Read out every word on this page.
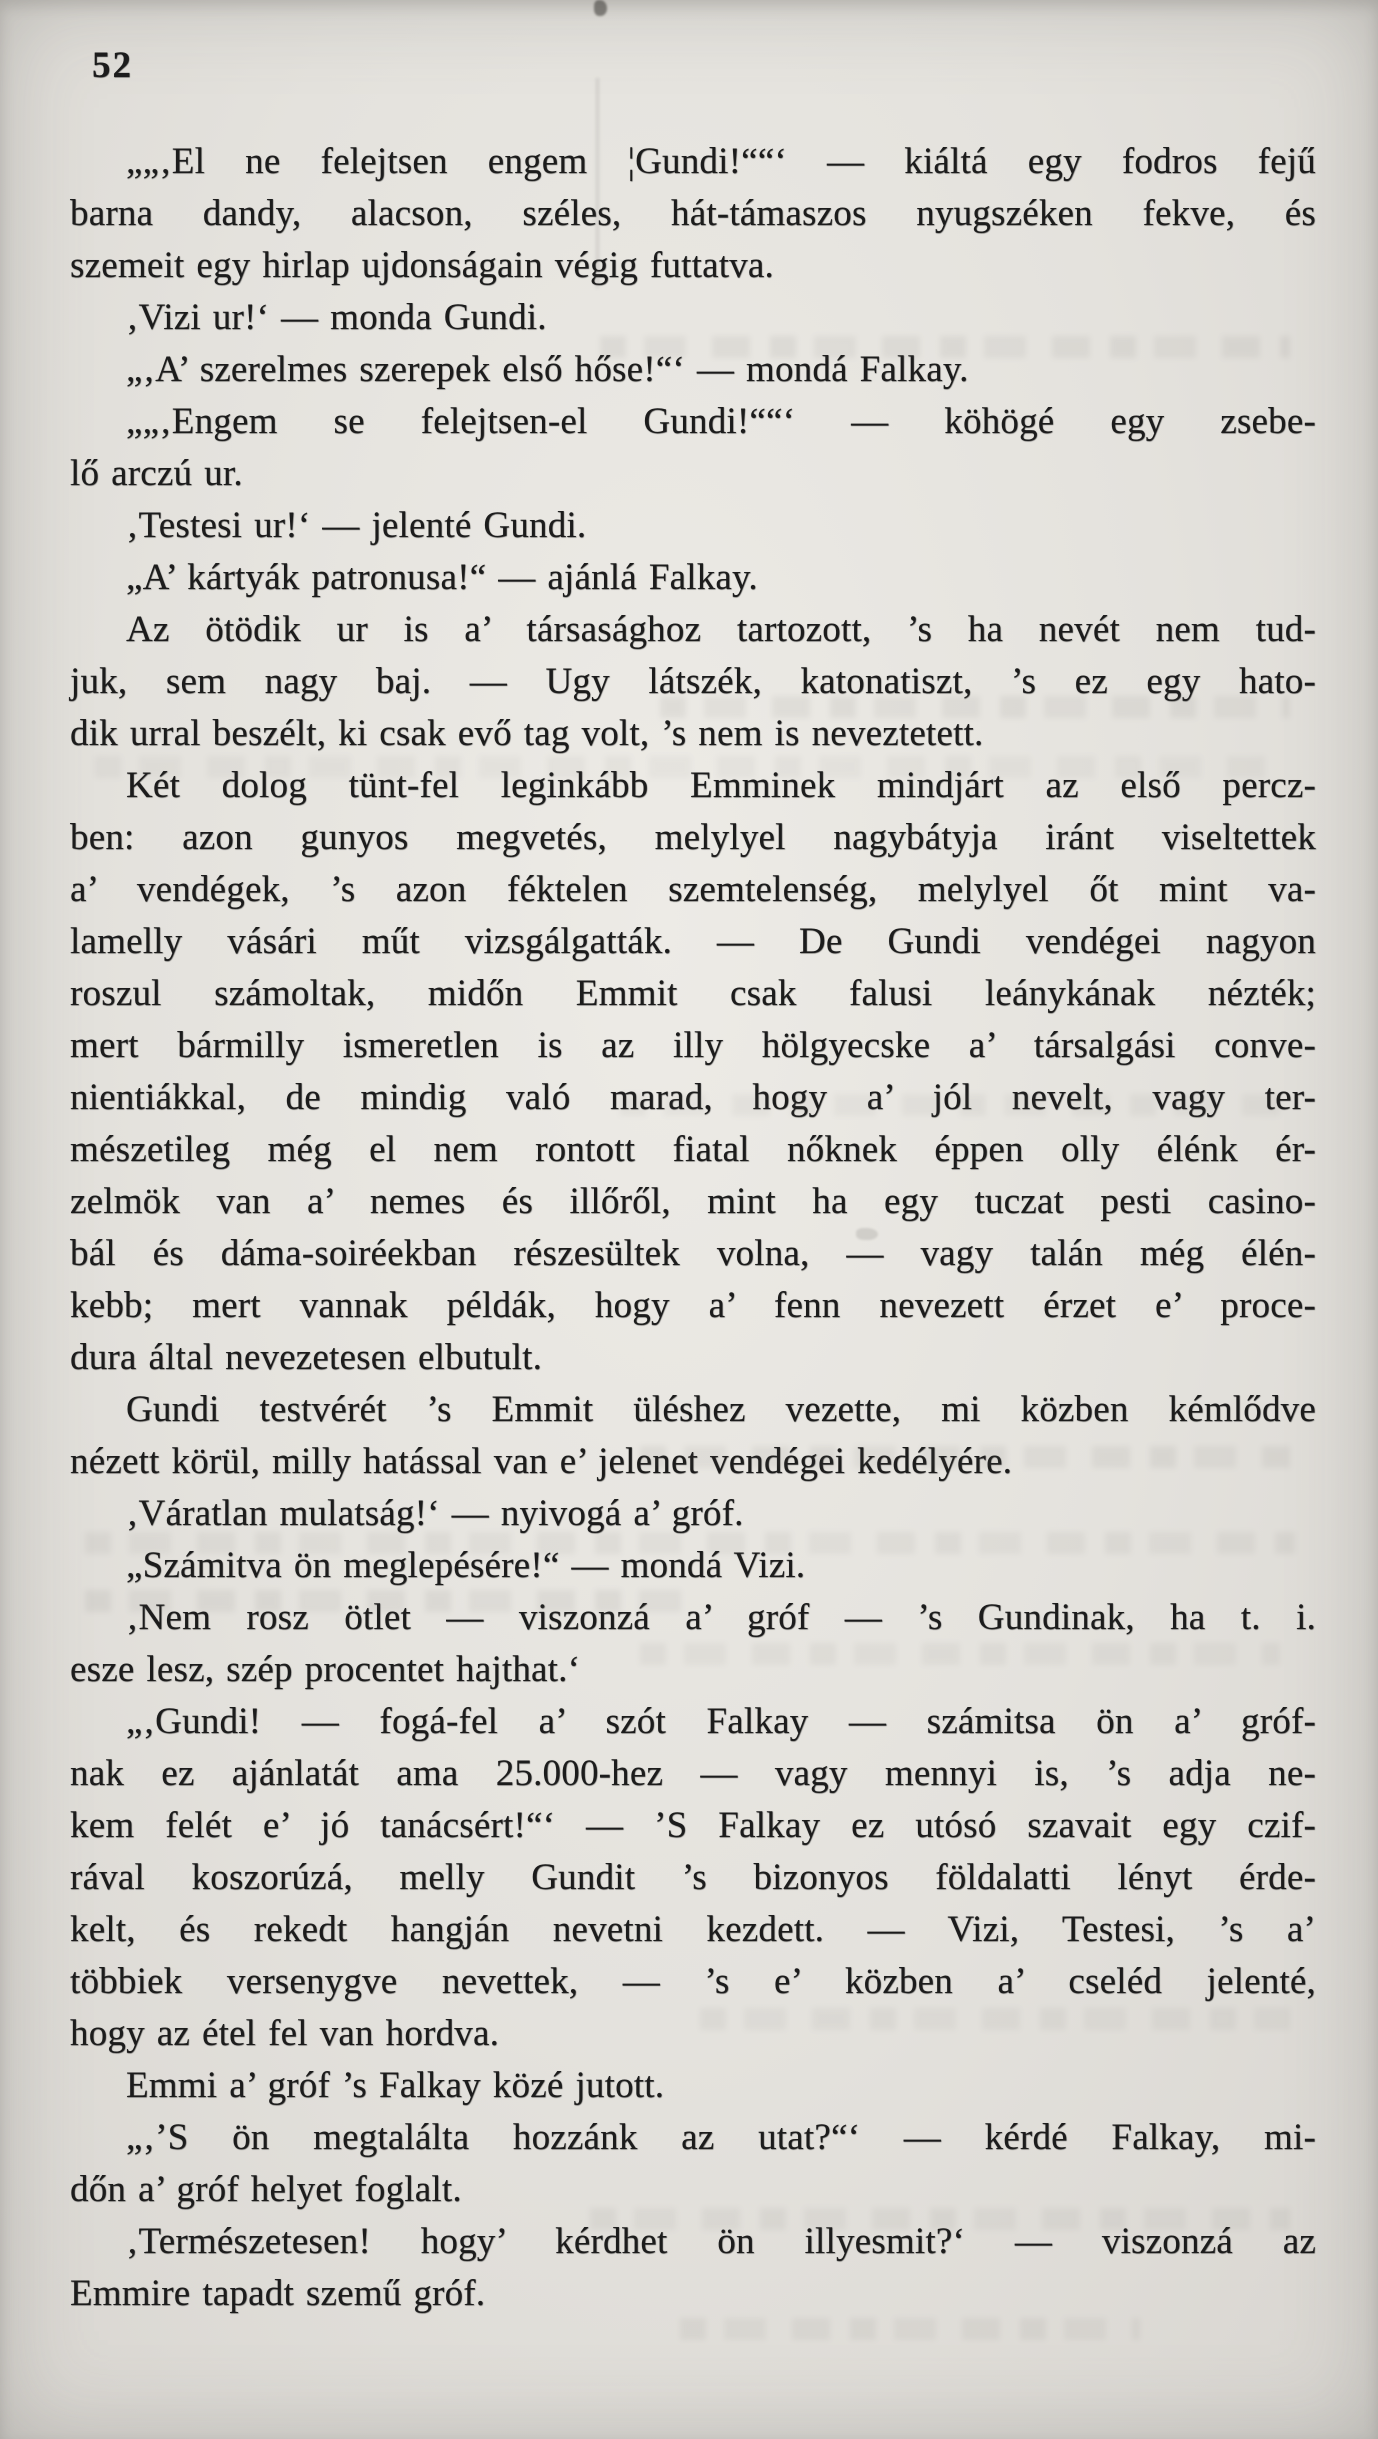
52
„„‚El ne felejtsen engem ¦Gundi!““‘ — kiáltá egy fodros fejű
barna dandy, alacson, széles, hát-támaszos nyugszéken fekve, és
szemeit egy hirlap ujdonságain végig futtatva.
‚Vizi ur!‘ — monda Gundi.
„‚A’ szerelmes szerepek első hőse!“‘ — mondá Falkay.
„„‚Engem se felejtsen-el Gundi!““‘ — köhögé egy zsebe-
lő arczú ur.
‚Testesi ur!‘ — jelenté Gundi.
„A’ kártyák patronusa!“ — ajánlá Falkay.
Az ötödik ur is a’ társasághoz tartozott, ’s ha nevét nem tud-
juk, sem nagy baj. — Ugy látszék, katonatiszt, ’s ez egy hato-
dik urral beszélt, ki csak evő tag volt, ’s nem is neveztetett.
Két dolog tünt-fel leginkább Emminek mindjárt az első percz-
ben: azon gunyos megvetés, melylyel nagybátyja iránt viseltettek
a’ vendégek, ’s azon féktelen szemtelenség, melylyel őt mint va-
lamelly vásári műt vizsgálgatták. — De Gundi vendégei nagyon
roszul számoltak, midőn Emmit csak falusi leánykának nézték;
mert bármilly ismeretlen is az illy hölgyecske a’ társalgási conve-
nientiákkal, de mindig való marad, hogy a’ jól nevelt, vagy ter-
mészetileg még el nem rontott fiatal nőknek éppen olly élénk ér-
zelmök van a’ nemes és illőről, mint ha egy tuczat pesti casino-
bál és dáma-soiréekban részesültek volna, — vagy talán még élén-
kebb; mert vannak példák, hogy a’ fenn nevezett érzet e’ proce-
dura által nevezetesen elbutult.
Gundi testvérét ’s Emmit üléshez vezette, mi közben kémlődve
nézett körül, milly hatással van e’ jelenet vendégei kedélyére.
‚Váratlan mulatság!‘ — nyivogá a’ gróf.
„Számitva ön meglepésére!“ — mondá Vizi.
‚Nem rosz ötlet — viszonzá a’ gróf — ’s Gundinak, ha t. i.
esze lesz, szép procentet hajthat.‘
„‚Gundi! — fogá-fel a’ szót Falkay — számitsa ön a’ gróf-
nak ez ajánlatát ama 25.000-hez — vagy mennyi is, ’s adja ne-
kem felét e’ jó tanácsért!“‘ — ’S Falkay ez utósó szavait egy czif-
rával koszorúzá, melly Gundit ’s bizonyos földalatti lényt érde-
kelt, és rekedt hangján nevetni kezdett. — Vizi, Testesi, ’s a’
többiek versenygve nevettek, — ’s e’ közben a’ cseléd jelenté,
hogy az étel fel van hordva.
Emmi a’ gróf ’s Falkay közé jutott.
„‚’S ön megtalálta hozzánk az utat?“‘ — kérdé Falkay, mi-
dőn a’ gróf helyet foglalt.
‚Természetesen! hogy’ kérdhet ön illyesmit?‘ — viszonzá az
Emmire tapadt szemű gróf.
